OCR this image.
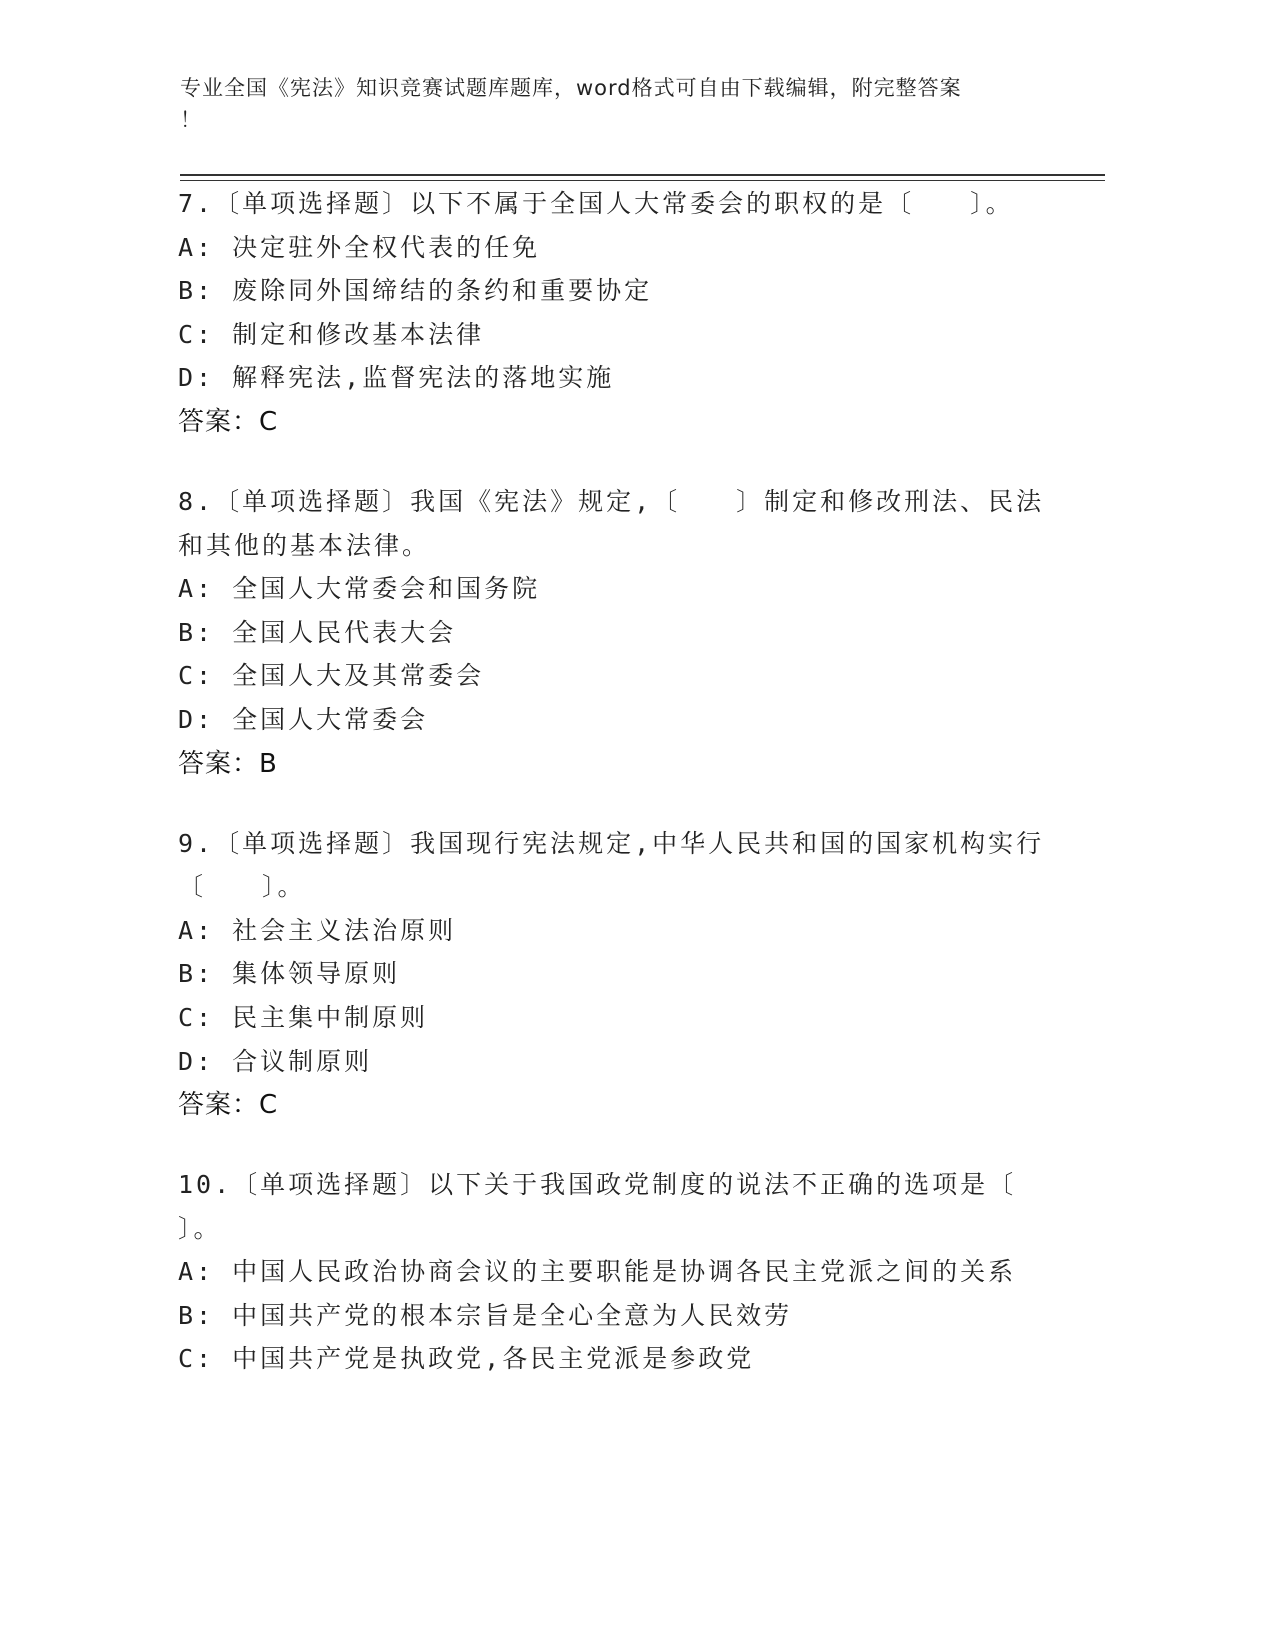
专业全国《宪法》知识竞赛试题库题库，word格式可自由下载编辑，附完整答案
！
7.〔单项选择题〕以下不属于全国人大常委会的职权的是〔　　〕。
A: 决定驻外全权代表的任免
B: 废除同外国缔结的条约和重要协定
C: 制定和修改基本法律
D: 解释宪法,监督宪法的落地实施
答案：C
8.〔单项选择题〕我国《宪法》规定,〔　　〕制定和修改刑法、民法
和其他的基本法律。
A: 全国人大常委会和国务院
B: 全国人民代表大会
C: 全国人大及其常委会
D: 全国人大常委会
答案：B
9.〔单项选择题〕我国现行宪法规定,中华人民共和国的国家机构实行
〔　　〕。
A: 社会主义法治原则
B: 集体领导原则
C: 民主集中制原则
D: 合议制原则
答案：C
10.〔单项选择题〕以下关于我国政党制度的说法不正确的选项是〔
〕。
A: 中国人民政治协商会议的主要职能是协调各民主党派之间的关系
B: 中国共产党的根本宗旨是全心全意为人民效劳
C: 中国共产党是执政党,各民主党派是参政党
